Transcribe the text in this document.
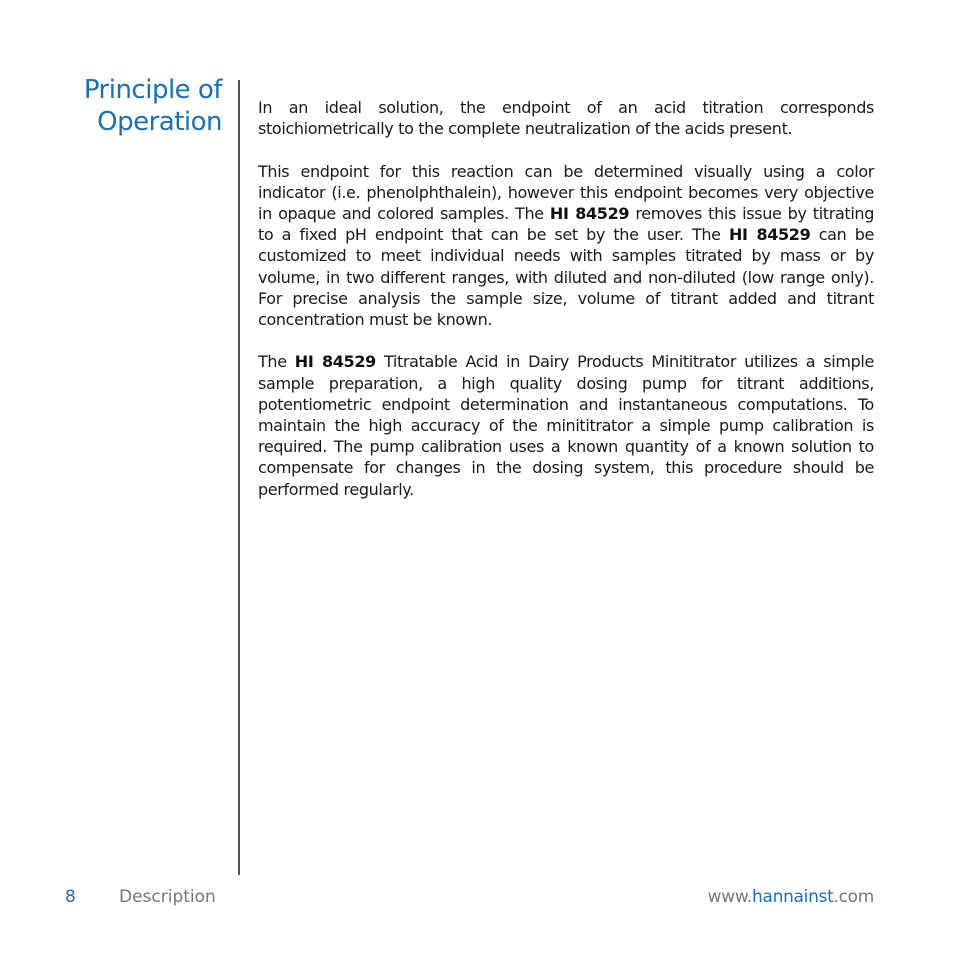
Principle of
Operation In an ideal solution, the endpoint of an acid titration corresponds stoichiometrically to the complete neutralization of the acids present.

This endpoint for this reaction can be determined visually using a color indicator (i.e. phenolphthalein), however this endpoint becomes very objective in opaque and colored samples. The HI 84529 removes this issue by titrating to a fixed pH endpoint that can be set by the user. The HI 84529 can be customized to meet individual needs with samples titrated by mass or by volume, in two different ranges, with diluted and non-diluted (low range only). For precise analysis the sample size, volume of titrant added and titrant concentration must be known.

The HI 84529 Titratable Acid in Dairy Products Minititrator utilizes a simple sample preparation, a high quality dosing pump for titrant additions, potentiometric endpoint determination and instantaneous computations. To maintain the high accuracy of the minititrator a simple pump calibration is required. The pump calibration uses a known quantity of a known solution to compensate for changes in the dosing system, this procedure should be performed regularly.

8	Description	www.hannainst.com
